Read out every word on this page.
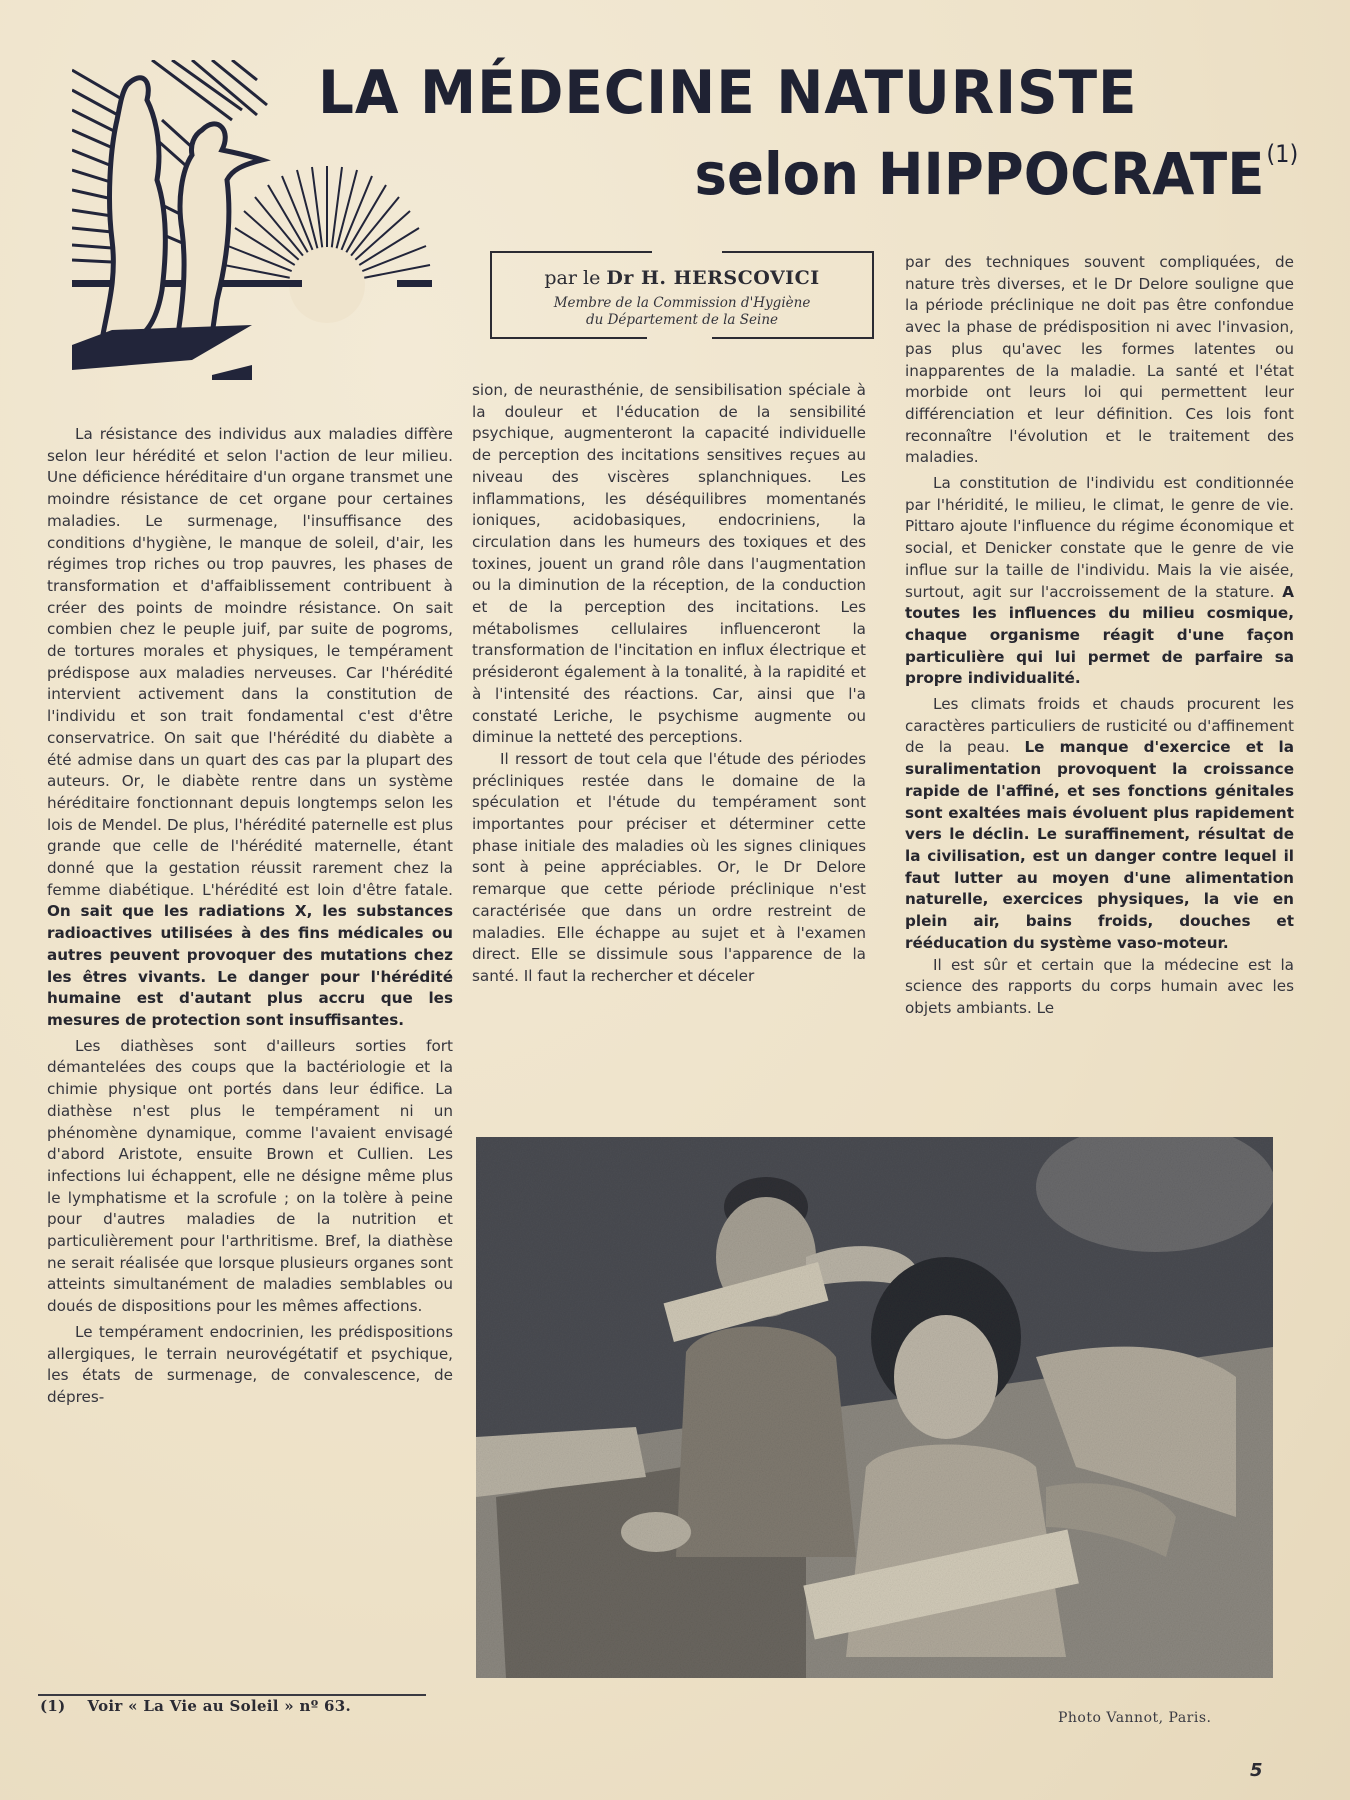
LA MÉDECINE NATURISTE
selon HIPPOCRATE$^{(1)}$
par le Dr H. HERSCOVICI
Membre de la Commission d'Hygiène
du Département de la Seine

La résistance des individus aux maladies diffère selon leur hérédité et selon l'action de leur milieu. Une déficience héréditaire d'un organe transmet une moindre résistance de cet organe pour certaines maladies. Le surmenage, l'insuffisance des conditions d'hygiène, le manque de soleil, d'air, les régimes trop riches ou trop pauvres, les phases de transformation et d'affaiblissement contribuent à créer des points de moindre résistance. On sait combien chez le peuple juif, par suite de pogroms, de tortures morales et physiques, le tempérament prédispose aux maladies nerveuses. Car l'hérédité intervient activement dans la constitution de l'individu et son trait fondamental c'est d'être conservatrice. On sait que l'hérédité du diabète a été admise dans un quart des cas par la plupart des auteurs. Or, le diabète rentre dans un système héréditaire fonctionnant depuis longtemps selon les lois de Mendel. De plus, l'hérédité paternelle est plus grande que celle de l'hérédité maternelle, étant donné que la gestation réussit rarement chez la femme diabétique. L'hérédité est loin d'être fatale. On sait que les radiations X, les substances radioactives utilisées à des fins médicales ou autres peuvent provoquer des mutations chez les êtres vivants. Le danger pour l'hérédité humaine est d'autant plus accru que les mesures de protection sont insuffisantes.

Les diathèses sont d'ailleurs sorties fort démantelées des coups que la bactériologie et la chimie physique ont portés dans leur édifice. La diathèse n'est plus le tempérament ni un phénomène dynamique, comme l'avaient envisagé d'abord Aristote, ensuite Brown et Cullien. Les infections lui échappent, elle ne désigne même plus le lymphatisme et la scrofule ; on la tolère à peine pour d'autres maladies de la nutrition et particulièrement pour l'arthritisme. Bref, la diathèse ne serait réalisée que lorsque plusieurs organes sont atteints simultanément de maladies semblables ou doués de dispositions pour les mêmes affections.

Le tempérament endocrinien, les prédispositions allergiques, le terrain neurovégétatif et psychique, les états de surmenage, de convalescence, de dépres-

sion, de neurasthénie, de sensibilisation spéciale à la douleur et l'éducation de la sensibilité psychique, augmenteront la capacité individuelle de perception des incitations sensitives reçues au niveau des viscères splanchniques. Les inflammations, les déséquilibres momentanés ioniques, acidobasiques, endocriniens, la circulation dans les humeurs des toxiques et des toxines, jouent un grand rôle dans l'augmentation ou la diminution de la réception, de la conduction et de la perception des incitations. Les métabolismes cellulaires influenceront la transformation de l'incitation en influx électrique et présideront également à la tonalité, à la rapidité et à l'intensité des réactions. Car, ainsi que l'a constaté Leriche, le psychisme augmente ou diminue la netteté des perceptions.

Il ressort de tout cela que l'étude des périodes précliniques restée dans le domaine de la spéculation et l'étude du tempérament sont importantes pour préciser et déterminer cette phase initiale des maladies où les signes cliniques sont à peine appréciables. Or, le Dr Delore remarque que cette période préclinique n'est caractérisée que dans un ordre restreint de maladies. Elle échappe au sujet et à l'examen direct. Elle se dissimule sous l'apparence de la santé. Il faut la rechercher et déceler

par des techniques souvent compliquées, de nature très diverses, et le Dr Delore souligne que la période préclinique ne doit pas être confondue avec la phase de prédisposition ni avec l'invasion, pas plus qu'avec les formes latentes ou inapparentes de la maladie. La santé et l'état morbide ont leurs loi qui permettent leur différenciation et leur définition. Ces lois font reconnaître l'évolution et le traitement des maladies.

La constitution de l'individu est conditionnée par l'héridité, le milieu, le climat, le genre de vie. Pittaro ajoute l'influence du régime économique et social, et Denicker constate que le genre de vie influe sur la taille de l'individu. Mais la vie aisée, surtout, agit sur l'accroissement de la stature. A toutes les influences du milieu cosmique, chaque organisme réagit d'une façon particulière qui lui permet de parfaire sa propre individualité.

Les climats froids et chauds procurent les caractères particuliers de rusticité ou d'affinement de la peau. Le manque d'exercice et la suralimentation provoquent la croissance rapide de l'affiné, et ses fonctions génitales sont exaltées mais évoluent plus rapidement vers le déclin. Le suraffinement, résultat de la civilisation, est un danger contre lequel il faut lutter au moyen d'une alimentation naturelle, exercices physiques, la vie en plein air, bains froids, douches et rééducation du système vaso-moteur.

Il est sûr et certain que la médecine est la science des rapports du corps humain avec les objets ambiants. Le

Photo Vannot, Paris.
(1) Voir « La Vie au Soleil » nº 63.
5
